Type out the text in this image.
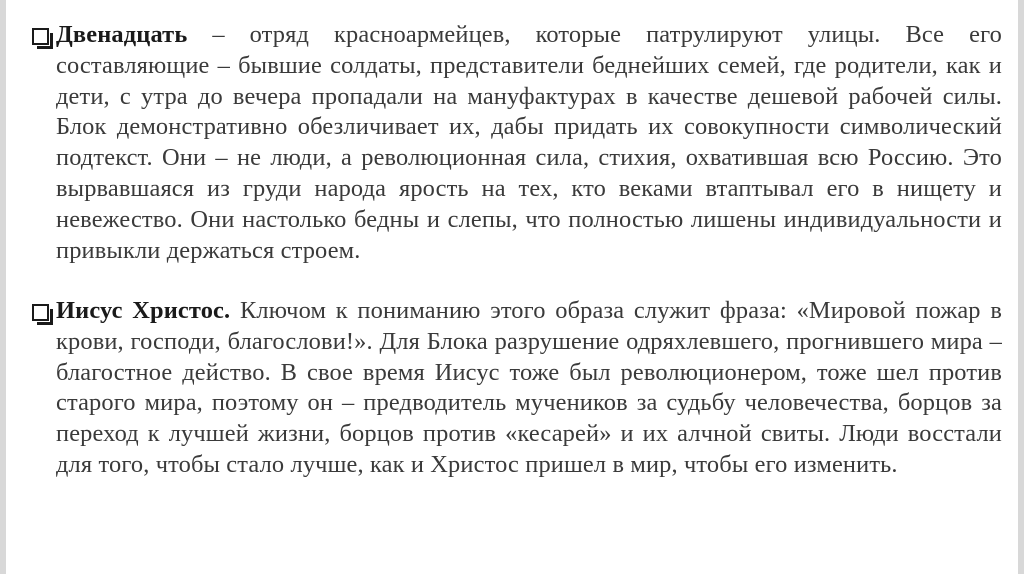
Двенадцать – отряд красноармейцев, которые патрулируют улицы. Все его составляющие – бывшие солдаты, представители беднейших семей, где родители, как и дети, с утра до вечера пропадали на мануфактурах в качестве дешевой рабочей силы. Блок демонстративно обезличивает их, дабы придать их совокупности символический подтекст. Они – не люди, а революционная сила, стихия, охватившая всю Россию. Это вырвавшаяся из груди народа ярость на тех, кто веками втаптывал его в нищету и невежество. Они настолько бедны и слепы, что полностью лишены индивидуальности и привыкли держаться строем.

Иисус Христос. Ключом к пониманию этого образа служит фраза: «Мировой пожар в крови, господи, благослови!». Для Блока разрушение одряхлевшего, прогнившего мира – благостное действо. В свое время Иисус тоже был революционером, тоже шел против старого мира, поэтому он – предводитель мучеников за судьбу человечества, борцов за переход к лучшей жизни, борцов против «кесарей» и их алчной свиты. Люди восстали для того, чтобы стало лучше, как и Христос пришел в мир, чтобы его изменить.
